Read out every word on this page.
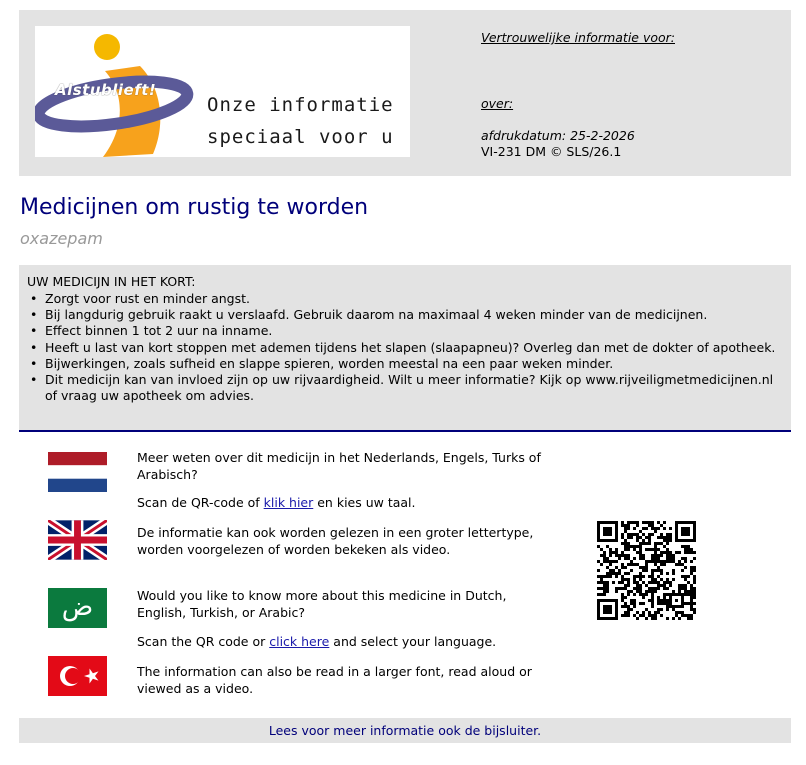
Alstublieft!
Onze informatie
speciaal voor u
Vertrouwelijke informatie voor:
over:
afdrukdatum: 25-2-2026
VI-231 DM © SLS/26.1
Medicijnen om rustig te worden
oxazepam
UW MEDICIJN IN HET KORT:
• Zorgt voor rust en minder angst.
• Bij langdurig gebruik raakt u verslaafd. Gebruik daarom na maximaal 4 weken minder van de medicijnen.
• Effect binnen 1 tot 2 uur na inname.
• Heeft u last van kort stoppen met ademen tijdens het slapen (slaapapneu)? Overleg dan met de dokter of apotheek.
• Bijwerkingen, zoals sufheid en slappe spieren, worden meestal na een paar weken minder.
• Dit medicijn kan van invloed zijn op uw rijvaardigheid. Wilt u meer informatie? Kijk op www.rijveiligmetmedicijnen.nl of vraag uw apotheek om advies.
ض
Meer weten over dit medicijn in het Nederlands, Engels, Turks of Arabisch?
Scan de QR-code of klik hier en kies uw taal.
De informatie kan ook worden gelezen in een groter lettertype, worden voorgelezen of worden bekeken als video.
Would you like to know more about this medicine in Dutch, English, Turkish, or Arabic?
Scan the QR code or click here and select your language.
The information can also be read in a larger font, read aloud or viewed as a video.
Lees voor meer informatie ook de bijsluiter.
